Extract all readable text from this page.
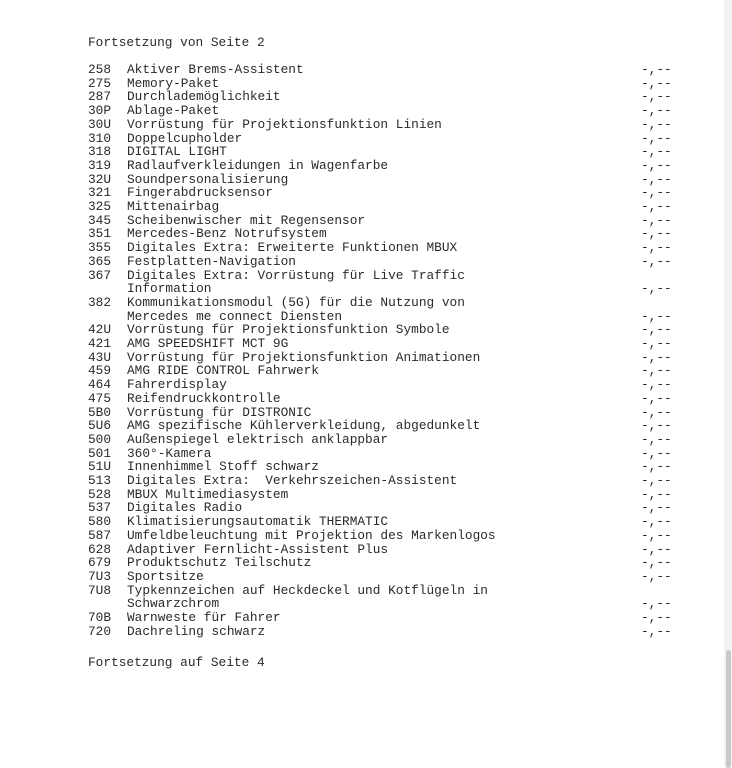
Fortsetzung von Seite 2
258 Aktiver Brems-Assistent	-,--
275 Memory-Paket	-,--
287 Durchlademöglichkeit	-,--
30P Ablage-Paket	-,--
30U Vorrüstung für Projektionsfunktion Linien	-,--
310 Doppelcupholder	-,--
318 DIGITAL LIGHT	-,--
319 Radlaufverkleidungen in Wagenfarbe	-,--
32U Soundpersonalisierung	-,--
321 Fingerabdrucksensor	-,--
325 Mittenairbag	-,--
345 Scheibenwischer mit Regensensor	-,--
351 Mercedes-Benz Notrufsystem	-,--
355 Digitales Extra: Erweiterte Funktionen MBUX	-,--
365 Festplatten-Navigation	-,--
367 Digitales Extra: Vorrüstung für Live Traffic
Information	-,--
382 Kommunikationsmodul (5G) für die Nutzung von
Mercedes me connect Diensten	-,--
42U Vorrüstung für Projektionsfunktion Symbole	-,--
421 AMG SPEEDSHIFT MCT 9G	-,--
43U Vorrüstung für Projektionsfunktion Animationen	-,--
459 AMG RIDE CONTROL Fahrwerk	-,--
464 Fahrerdisplay	-,--
475 Reifendruckkontrolle	-,--
5B0 Vorrüstung für DISTRONIC	-,--
5U6 AMG spezifische Kühlerverkleidung, abgedunkelt	-,--
500 Außenspiegel elektrisch anklappbar	-,--
501 360°-Kamera	-,--
51U Innenhimmel Stoff schwarz	-,--
513 Digitales Extra:  Verkehrszeichen-Assistent	-,--
528 MBUX Multimediasystem	-,--
537 Digitales Radio	-,--
580 Klimatisierungsautomatik THERMATIC	-,--
587 Umfeldbeleuchtung mit Projektion des Markenlogos	-,--
628 Adaptiver Fernlicht-Assistent Plus	-,--
679 Produktschutz Teilschutz	-,--
7U3 Sportsitze	-,--
7U8 Typkennzeichen auf Heckdeckel und Kotflügeln in
Schwarzchrom	-,--
70B Warnweste für Fahrer	-,--
720 Dachreling schwarz	-,--
Fortsetzung auf Seite 4
